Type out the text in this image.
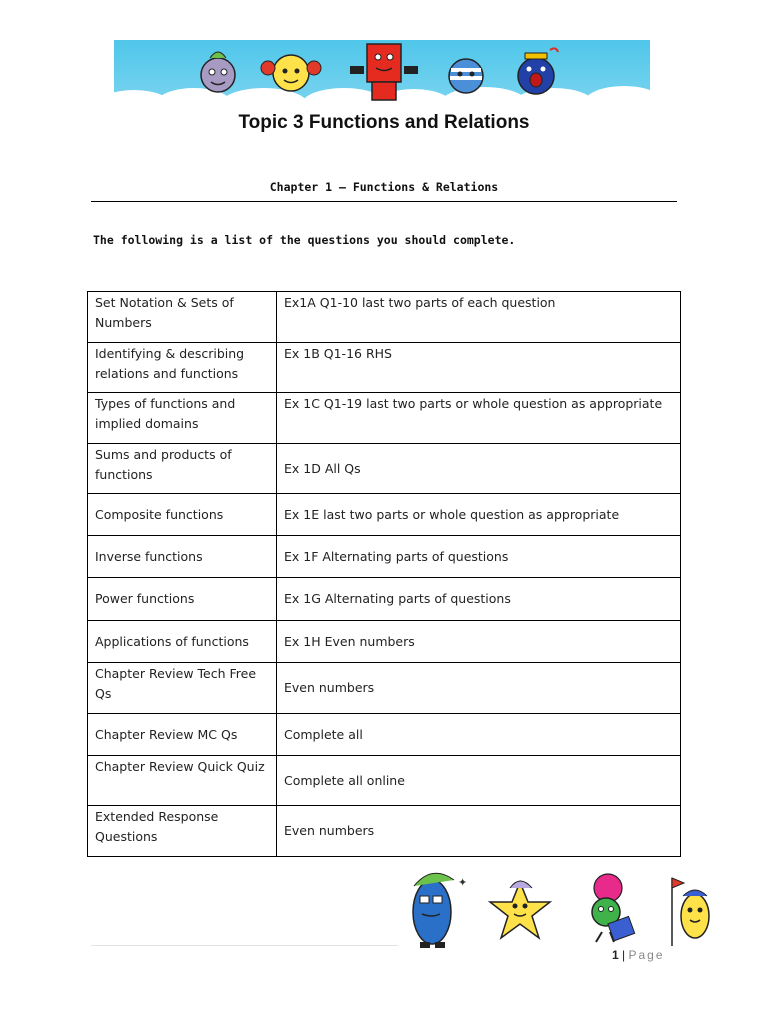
Topic 3 Functions and Relations
Chapter 1 – Functions & Relations
The following is a list of the questions you should complete.
Set Notation & Sets of Numbers	Ex1A Q1-10 last two parts of each question
Identifying & describing relations and functions	Ex 1B Q1-16 RHS
Types of functions and implied domains	Ex 1C Q1-19 last two parts or whole question as appropriate
Sums and products of functions	Ex 1D All Qs
Composite functions	Ex 1E last two parts or whole question as appropriate
Inverse functions	Ex 1F Alternating parts of questions
Power functions	Ex 1G Alternating parts of questions
Applications of functions	Ex 1H Even numbers
Chapter Review Tech Free Qs	Even numbers
Chapter Review MC Qs	Complete all
Chapter Review Quick Quiz	Complete all online
Extended Response Questions	Even numbers
✦
1 | Page
